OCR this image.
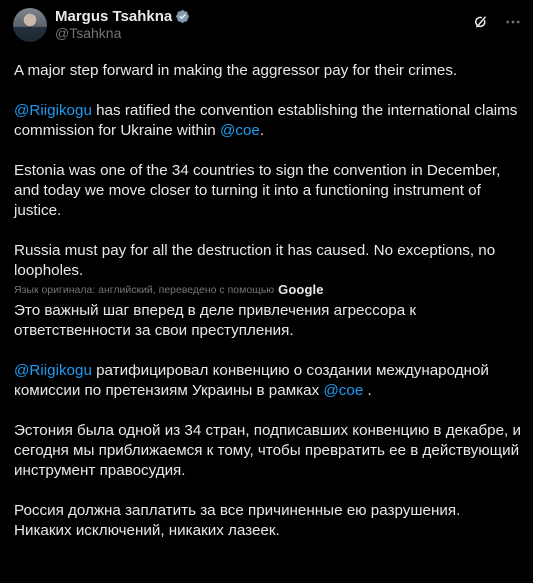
Margus Tsahkna
@Tsahkna

A major step forward in making the aggressor pay for their crimes.

@Riigikogu has ratified the convention establishing the international claims commission for Ukraine within @coe.

Estonia was one of the 34 countries to sign the convention in December, and today we move closer to turning it into a functioning instrument of justice.

Russia must pay for all the destruction it has caused. No exceptions, no loopholes.

Язык оригинала: английский, переведено с помощью Google

Это важный шаг вперед в деле привлечения агрессора к ответственности за свои преступления.

@Riigikogu ратифицировал конвенцию о создании международной комиссии по претензиям Украины в рамках @coe .

Эстония была одной из 34 стран, подписавших конвенцию в декабре, и сегодня мы приближаемся к тому, чтобы превратить ее в действующий инструмент правосудия.

Россия должна заплатить за все причиненные ею разрушения. Никаких исключений, никаких лазеек.
